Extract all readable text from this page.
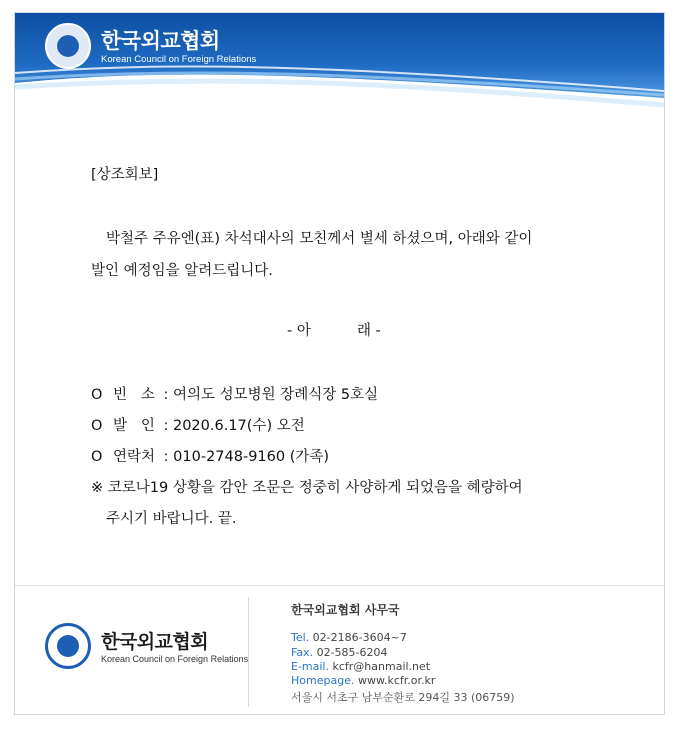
한국외교협회
Korean Council on Foreign Relations
[상조회보]
박철주 주유엔(표) 차석대사의 모친께서 별세 하셨으며, 아래와 같이
발인 예정임을 알려드립니다.
- 아          래 -
O 빈   소 : 여의도 성모병원 장례식장 5호실
O 발   인 : 2020.6.17(수) 오전
O 연락처 : 010-2748-9160 (가족)
※ 코로나19 상황을 감안 조문은 정중히 사양하게 되었음을 혜량하여
주시기 바랍니다. 끝.
한국외교협회
Korean Council on Foreign Relations
한국외교협회 사무국
Tel. 02-2186-3604~7
Fax. 02-585-6204
E-mail. kcfr@hanmail.net
Homepage. www.kcfr.or.kr
서울시 서초구 남부순환로 294길 33 (06759)
